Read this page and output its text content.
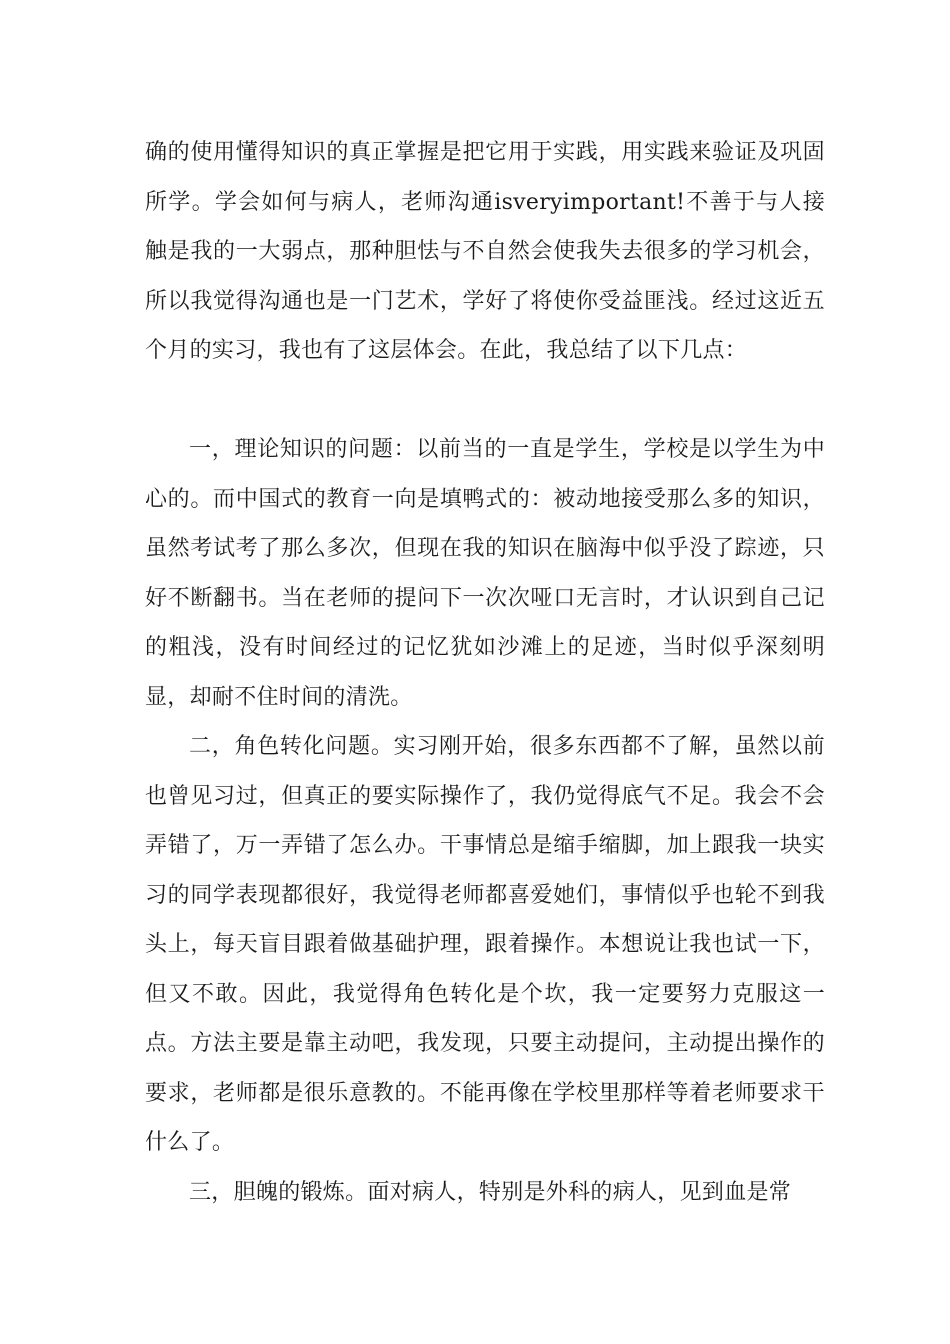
确的使用懂得知识的真正掌握是把它用于实践，用实践来验证及巩固所学。学会如何与病人，老师沟通isveryimportant!不善于与人接触是我的一大弱点，那种胆怯与不自然会使我失去很多的学习机会，所以我觉得沟通也是一门艺术，学好了将使你受益匪浅。经过这近五个月的实习，我也有了这层体会。在此，我总结了以下几点：

一，理论知识的问题：以前当的一直是学生，学校是以学生为中心的。而中国式的教育一向是填鸭式的：被动地接受那么多的知识，虽然考试考了那么多次，但现在我的知识在脑海中似乎没了踪迹，只好不断翻书。当在老师的提问下一次次哑口无言时，才认识到自己记的粗浅，没有时间经过的记忆犹如沙滩上的足迹，当时似乎深刻明显，却耐不住时间的清洗。

二，角色转化问题。实习刚开始，很多东西都不了解，虽然以前也曾见习过，但真正的要实际操作了，我仍觉得底气不足。我会不会弄错了，万一弄错了怎么办。干事情总是缩手缩脚，加上跟我一块实习的同学表现都很好，我觉得老师都喜爱她们，事情似乎也轮不到我头上，每天盲目跟着做基础护理，跟着操作。本想说让我也试一下，但又不敢。因此，我觉得角色转化是个坎，我一定要努力克服这一点。方法主要是靠主动吧，我发现，只要主动提问，主动提出操作的要求，老师都是很乐意教的。不能再像在学校里那样等着老师要求干什么了。

三，胆魄的锻炼。面对病人，特别是外科的病人，见到血是常
